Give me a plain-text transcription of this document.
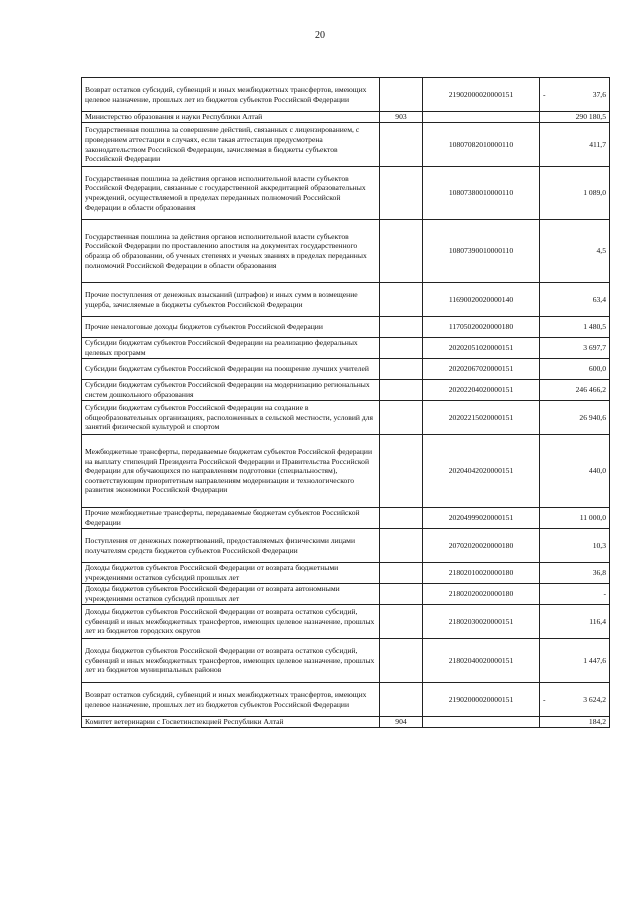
20
Возврат остатков субсидий, субвенций и иных межбюджетных трансфертов, имеющих целевое назначение, прошлых лет из бюджетов субъектов Российской Федерации		21902000020000151	- 37,6
Министерство образования и науки Республики Алтай	903		290 180,5
Государственная пошлина за совершение действий, связанных с лицензированием, с проведением аттестации в случаях, если такая аттестация предусмотрена законодательством Российской Федерации, зачисляемая в бюджеты субъектов Российской Федерации		10807082010000110	411,7
Государственная пошлина за действия органов исполнительной власти субъектов Российской Федерации, связанные с государственной аккредитацией образовательных учреждений, осуществляемой в пределах переданных полномочий Российской Федерации в области образования		10807380010000110	1 089,0
Государственная пошлина за действия органов исполнительной власти субъектов Российской Федерации по проставлению апостиля на документах государственного образца об образовании, об ученых степенях и ученых званиях в пределах переданных полномочий Российской Федерации в области образования		10807390010000110	4,5
Прочие поступления от денежных взысканий (штрафов) и иных сумм в возмещение ущерба, зачисляемые в бюджеты субъектов Российской Федерации		11690020020000140	63,4
Прочие неналоговые доходы бюджетов субъектов Российской Федерации		11705020020000180	1 480,5
Субсидии бюджетам субъектов Российской Федерации на реализацию федеральных целевых программ		20202051020000151	3 697,7
Субсидии бюджетам субъектов Российской Федерации на поощрение лучших учителей		20202067020000151	600,0
Субсидии бюджетам субъектов Российской Федерации на модернизацию региональных систем дошкольного образования		20202204020000151	246 466,2
Субсидии бюджетам субъектов Российской Федерации на создание в общеобразовательных организациях, расположенных в сельской местности, условий для занятий физической культурой и спортом		20202215020000151	26 940,6
Межбюджетные трансферты, передаваемые бюджетам субъектов Российской федерации на выплату стипендий Президента Российской Федерации и Правительства Российской Федерации для обучающихся по направлениям подготовки (специальностям), соответствующим приоритетным направлениям модернизации и технологического развития экономики Российской Федерации		20204042020000151	440,0
Прочие межбюджетные трансферты, передаваемые бюджетам субъектов Российской Федерации		20204999020000151	11 000,0
Поступления от денежных пожертвований, предоставляемых физическими лицами получателям средств бюджетов субъектов Российской Федерации		20702020020000180	10,3
Доходы бюджетов субъектов Российской Федерации от возврата бюджетными учреждениями остатков субсидий прошлых лет		21802010020000180	36,8
Доходы бюджетов субъектов Российской Федерации от возврата автономными учреждениями остатков субсидий прошлых лет		21802020020000180	-
Доходы бюджетов субъектов Российской Федерации от возврата остатков субсидий, субвенций и иных межбюджетных трансфертов, имеющих целевое назначение, прошлых лет из бюджетов городских округов		21802030020000151	116,4
Доходы бюджетов субъектов Российской Федерации от возврата остатков субсидий, субвенций и иных межбюджетных трансфертов, имеющих целевое назначение, прошлых лет из бюджетов муниципальных районов		21802040020000151	1 447,6
Возврат остатков субсидий, субвенций и иных межбюджетных трансфертов, имеющих целевое назначение, прошлых лет из бюджетов субъектов Российской Федерации		21902000020000151	- 3 624,2
Комитет ветеринарии с Госветинспекцией Республики Алтай	904		184,2
